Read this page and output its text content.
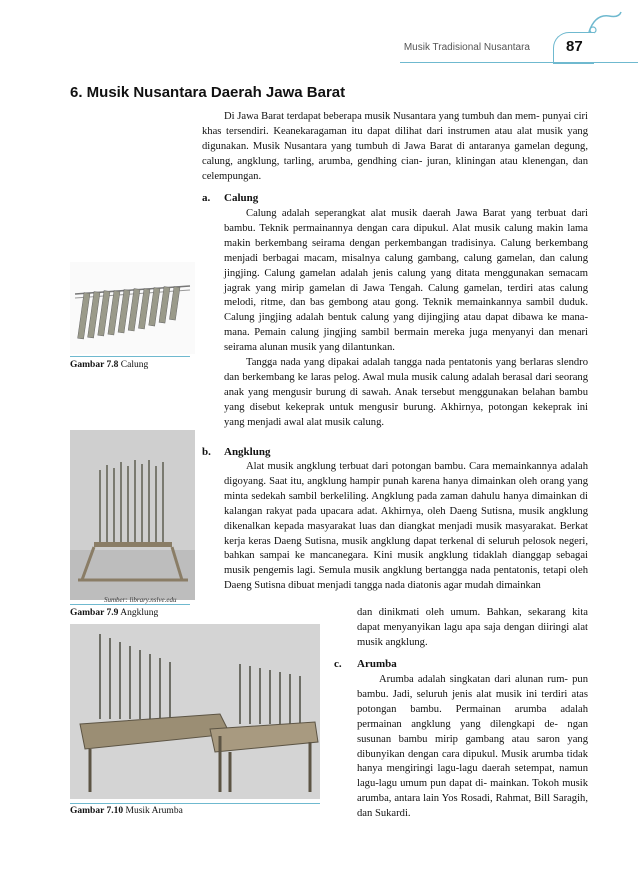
Musik Tradisional Nusantara 87
6. Musik Nusantara Daerah Jawa Barat

Di Jawa Barat terdapat beberapa musik Nusantara yang tumbuh dan mem- punyai ciri khas tersendiri. Keanekaragaman itu dapat dilihat dari instrumen atau alat musik yang digunakan. Musik Nusantara yang tumbuh di Jawa Barat di antaranya gamelan degung, calung, angklung, tarling, arumba, gendhing cian- juran, kliningan atau klenengan, dan celempungan.

a. Calung

Calung adalah seperangkat alat musik daerah Jawa Barat yang terbuat dari bambu. Teknik permainannya dengan cara dipukul. Alat musik calung makin lama makin berkembang seirama dengan perkembangan tradisinya. Calung berkembang menjadi berbagai macam, misalnya calung gambang, calung gamelan, dan calung jingjing. Calung gamelan adalah jenis calung yang ditata menggunakan semacam jagrak yang mirip gamelan di Jawa Tengah. Calung gamelan, terdiri atas calung melodi, ritme, dan bas gembong atau gong. Teknik memainkannya sambil duduk. Calung jingjing adalah bentuk calung yang dijingjing atau dapat dibawa ke mana-mana. Pemain calung jingjing sambil bermain mereka juga menyanyi dan menari seirama alunan musik yang dilantunkan.

Tangga nada yang dipakai adalah tangga nada pentatonis yang berlaras slendro dan berkembang ke laras pelog. Awal mula musik calung adalah berasal dari seorang anak yang mengusir burung di sawah. Anak tersebut menggunakan belahan bambu yang disebut kekeprak untuk mengusir burung. Akhirnya, potongan kekeprak ini yang menjadi awal alat musik calung.

Gambar 7.8 Calung
b. Angklung

Alat musik angklung terbuat dari potongan bambu. Cara memainkannya adalah digoyang. Saat itu, angklung hampir punah karena hanya dimainkan oleh orang yang minta sedekah sambil berkeliling. Angklung pada zaman dahulu hanya dimainkan di kalangan rakyat pada upacara adat. Akhirnya, oleh Daeng Sutisna, musik angklung dikenalkan kepada masyarakat luas dan diangkat menjadi musik masyarakat. Berkat kerja keras Daeng Sutisna, musik angklung dapat terkenal di seluruh pelosok negeri, bahkan sampai ke mancanegara. Kini musik angklung tidaklah dianggap sebagai musik pengemis lagi. Semula musik angklung bertangga nada pentatonis, tetapi oleh Daeng Sutisna dibuat menjadi tangga nada diatonis agar mudah dimainkan

dan dinikmati oleh umum. Bahkan, sekarang kita dapat menyanyikan lagu apa saja dengan diiringi alat musik angklung.

Sumber: library.nslve.edu
Gambar 7.9 Angklung
c. Arumba

Arumba adalah singkatan dari alunan rum- pun bambu. Jadi, seluruh jenis alat musik ini terdiri atas potongan bambu. Permainan arumba adalah permainan angklung yang dilengkapi de- ngan susunan bambu mirip gambang atau saron yang dibunyikan dengan cara dipukul. Musik arumba tidak hanya mengiringi lagu-lagu daerah setempat, namun lagu-lagu umum pun dapat di- mainkan. Tokoh musik arumba, antara lain Yos Rosadi, Rahmat, Bill Saragih, dan Sukardi.

Gambar 7.10 Musik Arumba
